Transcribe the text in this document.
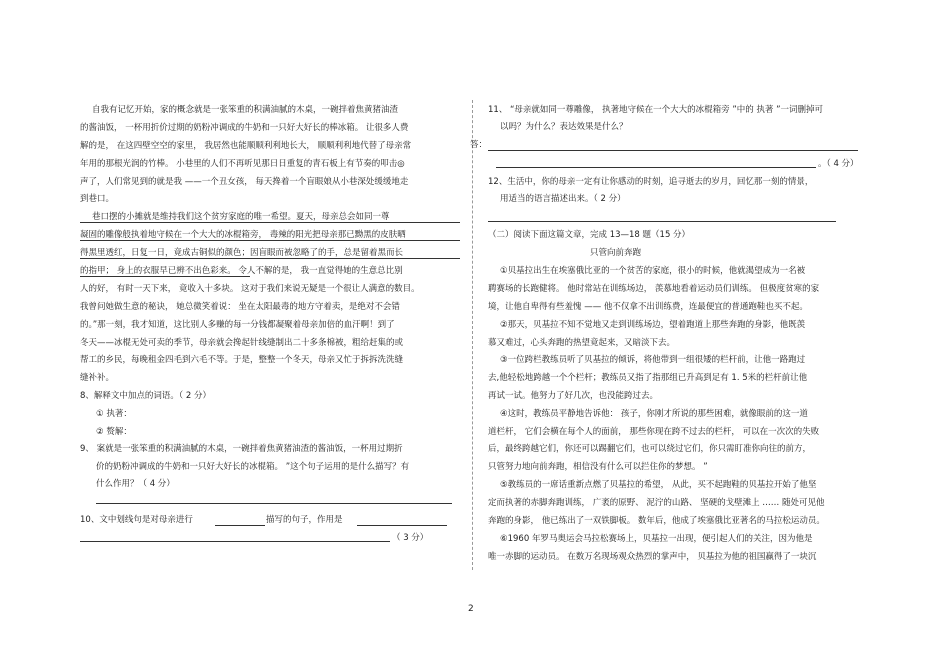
自我有记忆开始，家的概念就是一张笨重的积满油腻的木桌，一碗拌着焦黄猪油渣
的酱油饭， 一杯用折价过期的奶粉冲调成的牛奶和一只好大好长的棒冰箱。 让很多人费
解的是， 在这四壁空空的家里， 我居然也能顺顺利利地长大， 顺顺利利地代替了母亲常
年用的那根光润的竹棒。 小巷里的人们不再听见那日日重复的青石板上有节奏的叩击◎
声了，人们常见到的就是我 ——一个丑女孩， 每天搀着一个盲眼娘从小巷深处缓缓地走
到巷口。
巷口摆的小摊就是维持我们这个贫穷家庭的唯一希望。夏天，母亲总会如同一尊
凝固的雕像般执着地守候在一个大大的冰棍箱旁， 毒辣的阳光把母亲那已黝黑的皮肤晒
得黑里透红，日复一日，竟成古铜似的颜色；因盲眼而被忽略了的手，总是留着黑而长
的指甲； 身上的衣服早已辨不出色彩来。 令人不解的是， 我一直觉得她的生意总比别
人的好， 有时一天下来， 竟收入十多块。 这对于我们来说无疑是一个很让人满意的数目。
我曾问她做生意的秘诀， 她总微笑着说： 坐在太阳最毒的地方守着卖，是绝对不会错
的。”那一刻，我才知道，这比别人多赚的每一分钱都凝聚着母亲加倍的血汗啊！到了
冬天——冰棍无处可卖的季节，母亲就会搀起针线缝制出二十多条棉被，粗给赶集的或
帮工的乡民，每晚租金四毛到六毛不等。于是，整整一个冬天，母亲又忙于拆拆洗洗缝
缝补补。
8、解释文中加点的词语。（ 2 分）
① 执著：
② 赘解：
9、 案就是一张笨重的积满油腻的木桌，一碗拌着焦黄猪油渣的酱油饭，一杯用过期折
价的奶粉冲调成的牛奶和一只好大好长的冰棍箱。 ”这个句子运用的是什么描写？有
什么作用？（ 4 分）
10、文中划线句是对母亲进行	描写的句子，作用是
（ 3 分）
11、 “母亲就如同一尊雕像， 执著地守候在一个大大的冰棍箱旁 ”中的 执著 ”一词删掉可
以吗？为什么？表达效果是什么？
答：
。（ 4 分）
12、生活中，你的母亲一定有让你感动的时刻，追寻逝去的岁月，回忆那一刻的情景，
用适当的语言描述出来。（ 2 分）
（二）阅读下面这篇文章，完成 13—18 题（15 分）
只管向前奔跑
①贝基拉出生在埃塞俄比亚的一个贫苦的家庭，很小的时候，他就渴望成为一名被
聘赛场的长跑健将。 他时常站在训练场边， 羡慕地看着运动员们训练。 但极度贫寒的家
境，让他自卑得有些羞愧 —— 他不仅拿不出训练费，连最便宜的普通跑鞋也买不起。
②那天，贝基拉不知不觉地又走到训练场边，望着跑道上那些奔跑的身影，他既羡
慕又难过，心头奔跑的热望竟起来，又暗淡下去。
③一位跨栏教练员听了贝基拉的倾诉，将他带到一组很矮的栏杆前，让他一路跑过
去,他轻松地跨越一个个栏杆；教练员又指了指那组已升高到足有 1. 5米的栏杆前让他
再试一试。他努力了好几次，也没能跨过去。
④这时，教练员平静地告诉他： 孩子，你刚才所说的那些困难，就像眼前的这一道
道栏杆， 它们会横在每个人的面前， 那些你现在跨不过去的栏杆， 可以在一次次的失败
后，最终跨越它们，你还可以踢翻它们，也可以绕过它们，你只需盯准你向往的前方，
只管努力地向前奔跑，相信没有什么可以拦住你的梦想。 ”
⑤教练员的一席话重新点燃了贝基拉的希望， 从此，买不起跑鞋的贝基拉开始了他坚
定而执著的赤脚奔跑训练， 广袤的原野、 泥泞的山路、 坚硬的戈壁滩上 …… 随处可见他
奔跑的身影， 他已练出了一双铁脚板。 数年后，他成了埃塞俄比亚著名的马拉松运动员。
⑥1960 年罗马奥运会马拉松赛场上，贝基拉一出现，便引起人们的关注，因为他是
唯一赤脚的运动员。 在数万名现场观众热烈的掌声中， 贝基拉为他的祖国赢得了一块沉
2
